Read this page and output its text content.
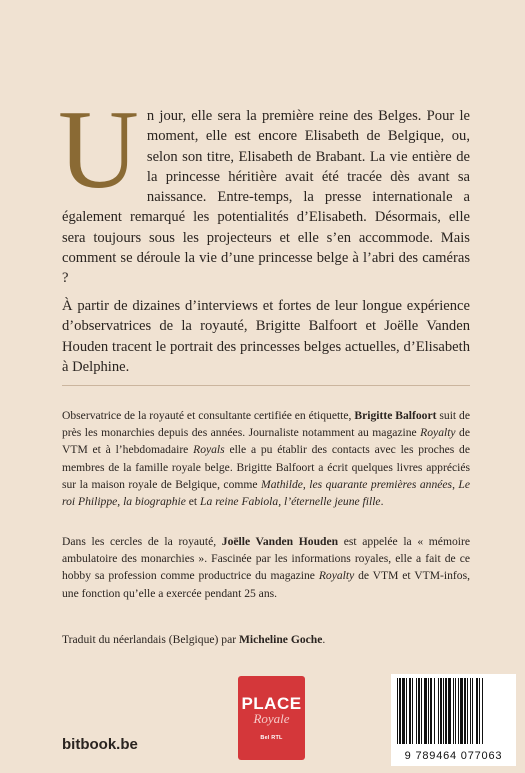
Un jour, elle sera la première reine des Belges. Pour le moment, elle est encore Elisabeth de Belgique, ou, selon son titre, Elisabeth de Brabant. La vie entière de la princesse héritière avait été tracée dès avant sa naissance. Entre-temps, la presse internationale a également remarqué les potentialités d’Elisabeth. Désormais, elle sera toujours sous les projecteurs et elle s’en accommode. Mais comment se déroule la vie d’une princesse belge à l’abri des caméras ?
À partir de dizaines d’interviews et fortes de leur longue expérience d’observatrices de la royauté, Brigitte Balfoort et Joëlle Vanden Houden tracent le portrait des princesses belges actuelles, d’Elisabeth à Delphine.
Observatrice de la royauté et consultante certifiée en étiquette, Brigitte Balfoort suit de près les monarchies depuis des années. Journaliste notamment au magazine Royalty de VTM et à l’hebdomadaire Royals elle a pu établir des contacts avec les proches de membres de la famille royale belge. Brigitte Balfoort a écrit quelques livres appréciés sur la maison royale de Belgique, comme Mathilde, les quarante premières années, Le roi Philippe, la biographie et La reine Fabiola, l’éternelle jeune fille.
Dans les cercles de la royauté, Joëlle Vanden Houden est appelée la « mémoire ambulatoire des monarchies ». Fascinée par les informations royales, elle a fait de ce hobby sa profession comme productrice du magazine Royalty de VTM et VTM-infos, une fonction qu’elle a exercée pendant 25 ans.
Traduit du néerlandais (Belgique) par Micheline Goche.
bitbook.be
PLACE
Royale
Bel RTL
9 789464 077063
